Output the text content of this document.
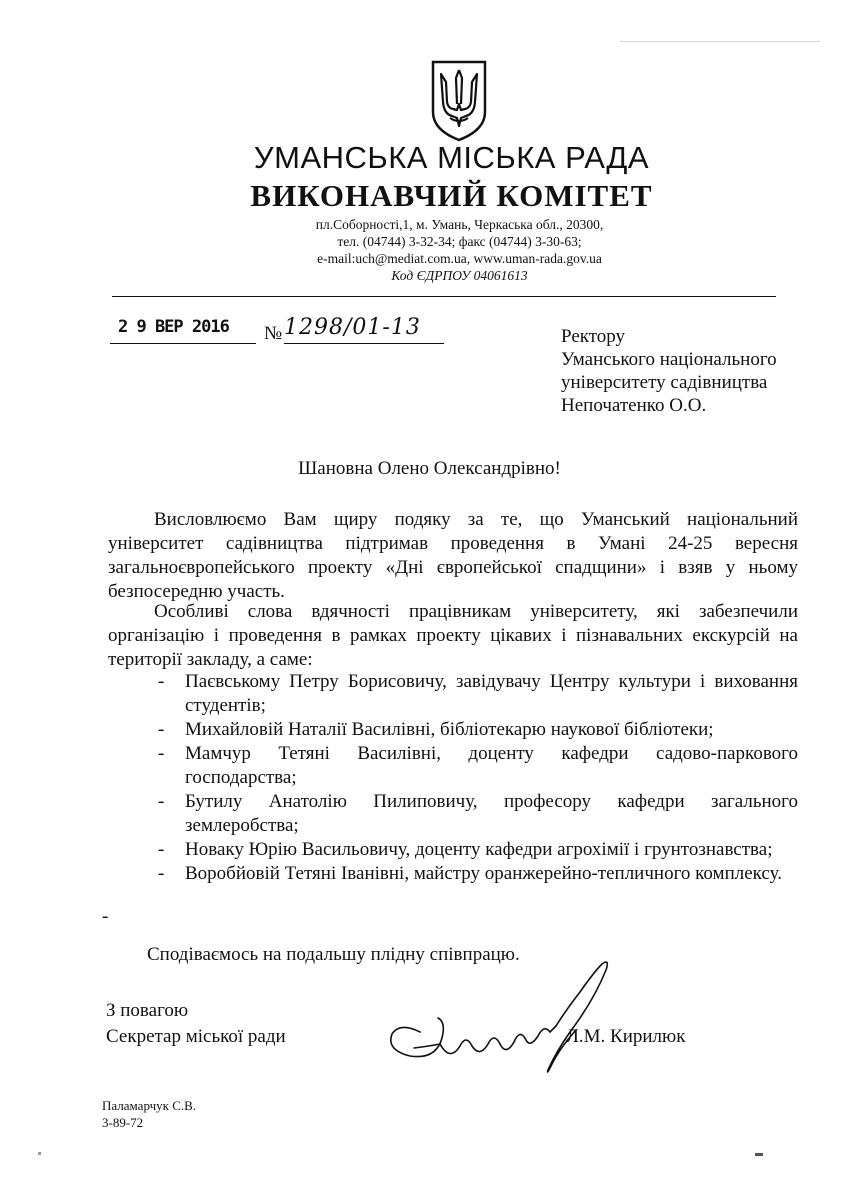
УМАНСЬКА МІСЬКА РАДА
ВИКОНАВЧИЙ КОМІТЕТ
пл.Соборності,1, м. Умань, Черкаська обл., 20300,
тел. (04744) 3-32-34; факс (04744) 3-30-63;
e-mail:uch@mediat.com.ua, www.uman-rada.gov.ua
Код ЄДРПОУ 04061613
2 9 ВЕР 2016 № 1298/01-13	Ректору
Уманського національного
університету садівництва
Непочатенко О.О.
Шановна Олено Олександрівно!
Висловлюємо Вам щиру подяку за те, що Уманський національний університет садівництва підтримав проведення в Умані 24-25 вересня загальноєвропейського проекту «Дні європейської спадщини» і взяв у ньому безпосередню участь.
Особливі слова вдячності працівникам університету, які забезпечили організацію і проведення в рамках проекту цікавих і пізнавальних екскурсій на території закладу, а саме:
- Паєвському Петру Борисовичу, завідувачу Центру культури і виховання студентів;
- Михайловій Наталії Василівні, бібліотекарю наукової бібліотеки;
- Мамчур Тетяні Василівні, доценту кафедри садово-паркового господарства;
- Бутилу Анатолію Пилиповичу, професору кафедри загального землеробства;
- Новаку Юрію Васильовичу, доценту кафедри агрохімії і грунтознавства;
- Воробйовій Тетяні Іванівні, майстру оранжерейно-тепличного комплексу.
-
Сподіваємось на подальшу плідну співпрацю.
З повагою
Секретар міської ради	Л.М. Кирилюк
Паламарчук С.В.
3-89-72
